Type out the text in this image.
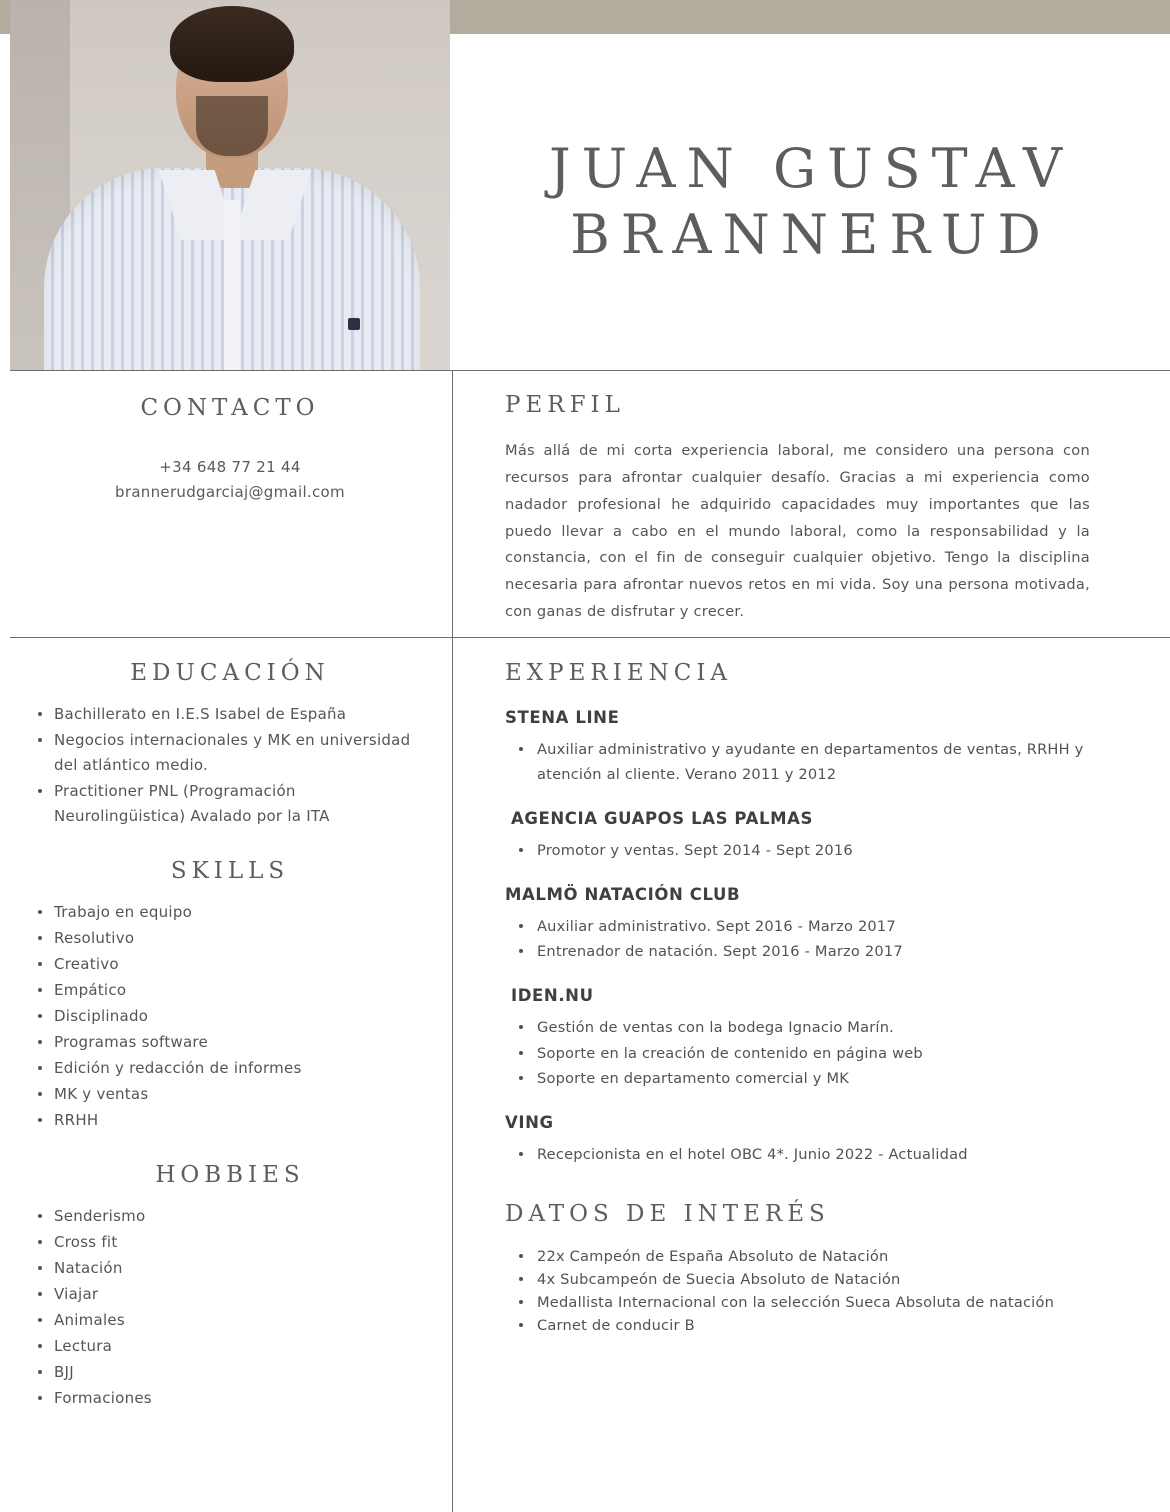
JUAN GUSTAV
BRANNERUD
CONTACTO
+34 648 77 21 44
brannerudgarciaj@gmail.com
PERFIL
Más allá de mi corta experiencia laboral, me considero una persona con recursos para afrontar cualquier desafío. Gracias a mi experiencia como nadador profesional he adquirido capacidades muy importantes que las puedo llevar a cabo en el mundo laboral, como la responsabilidad y la constancia, con el fin de conseguir cualquier objetivo. Tengo la disciplina necesaria para afrontar nuevos retos en mi vida. Soy una persona motivada, con ganas de disfrutar y crecer.
EDUCACIÓN
Bachillerato en I.E.S Isabel de España
Negocios internacionales y MK en universidad del atlántico medio.
Practitioner PNL (Programación Neurolingüistica) Avalado por la ITA
SKILLS
Trabajo en equipo
Resolutivo
Creativo
Empático
Disciplinado
Programas software
Edición y redacción de informes
MK y ventas
RRHH
HOBBIES
Senderismo
Cross fit
Natación
Viajar
Animales
Lectura
BJJ
Formaciones
EXPERIENCIA

STENA LINE

Auxiliar administrativo y ayudante en departamentos de ventas, RRHH y atención al cliente. Verano 2011 y 2012

AGENCIA GUAPOS LAS PALMAS

Promotor y ventas. Sept 2014 - Sept 2016

MALMÖ NATACIÓN CLUB

Auxiliar administrativo. Sept 2016 - Marzo 2017
Entrenador de natación. Sept 2016 - Marzo 2017

IDEN.NU

Gestión de ventas con la bodega Ignacio Marín.
Soporte en la creación de contenido en página web
Soporte en departamento comercial y MK

VING

Recepcionista en el hotel OBC 4*. Junio 2022 - Actualidad
DATOS DE INTERÉS
22x Campeón de España Absoluto de Natación
4x Subcampeón de Suecia Absoluto de Natación
Medallista Internacional con la selección Sueca Absoluta de natación
Carnet de conducir B
